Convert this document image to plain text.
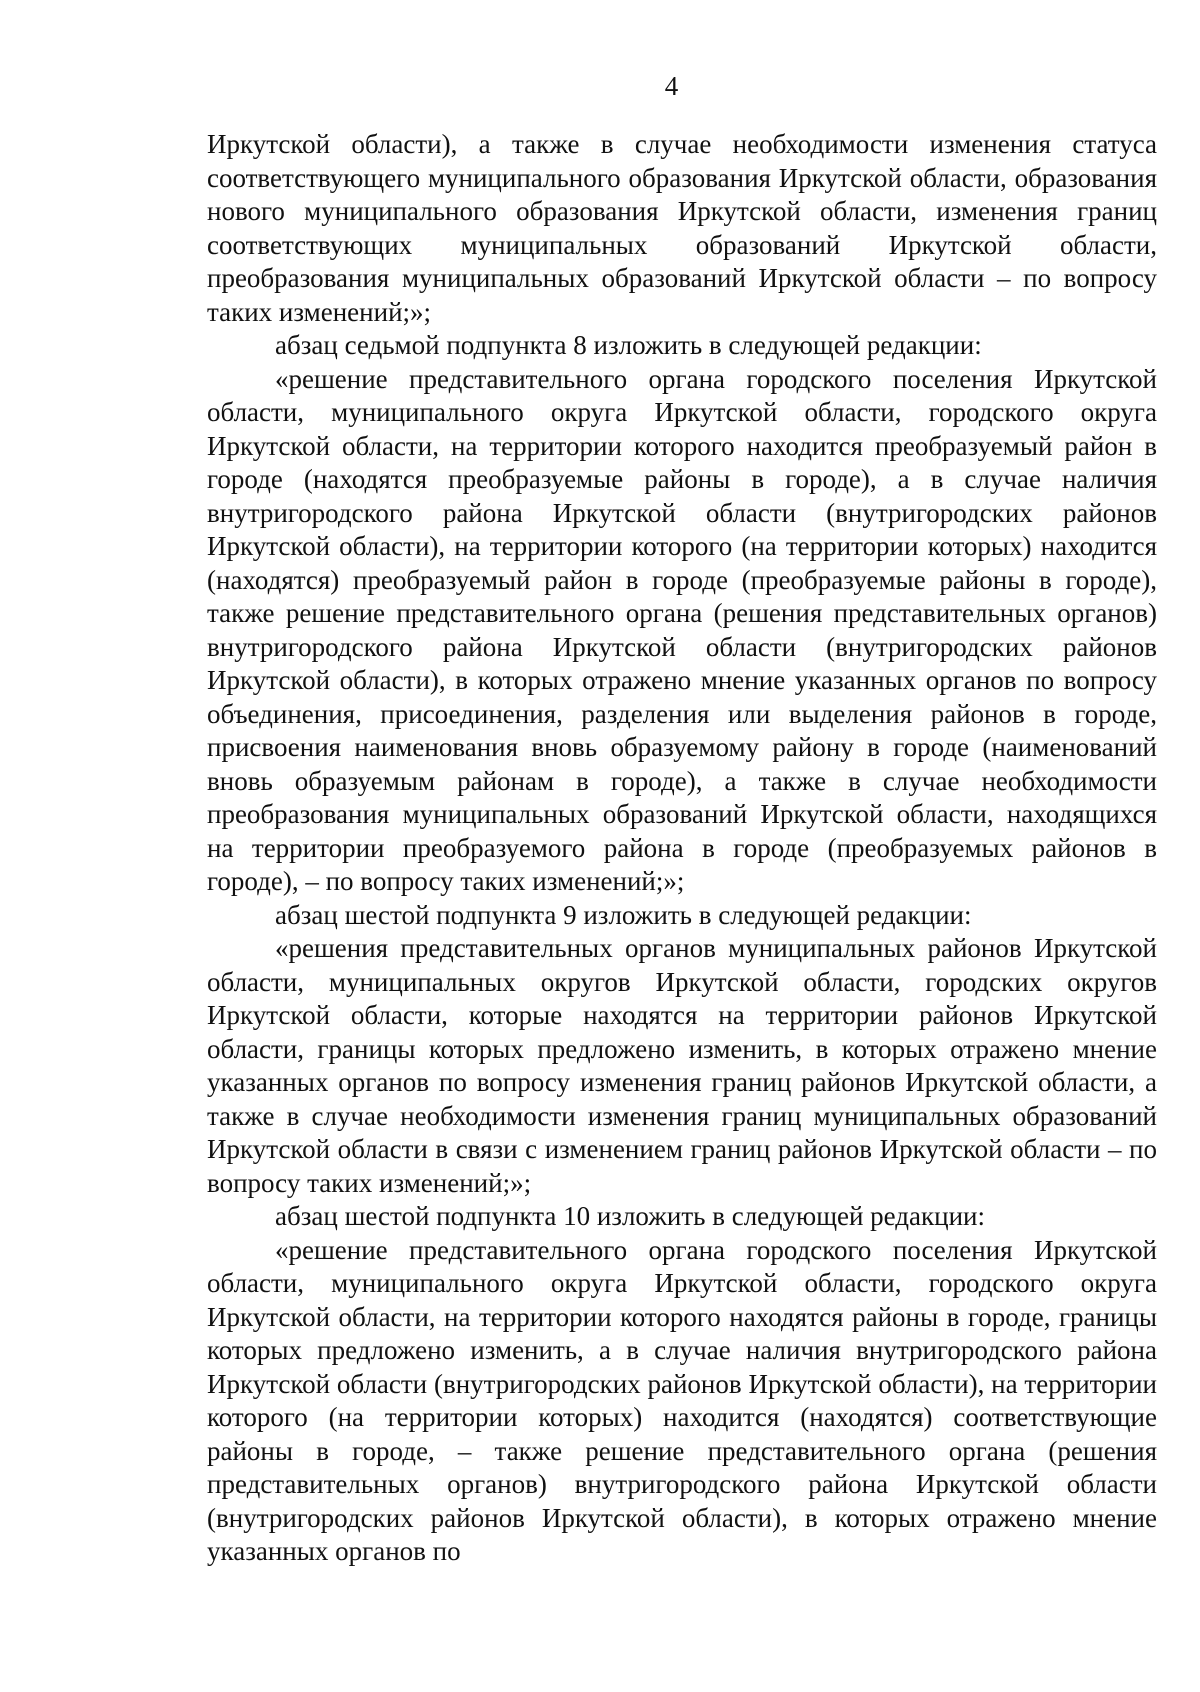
4

Иркутской области), а также в случае необходимости изменения статуса соответствующего муниципального образования Иркутской области, образования нового муниципального образования Иркутской области, изменения границ соответствующих муниципальных образований Иркутской области, преобразования муниципальных образований Иркутской области – по вопросу таких изменений;»;

абзац седьмой подпункта 8 изложить в следующей редакции:

«решение представительного органа городского поселения Иркутской области, муниципального округа Иркутской области, городского округа Иркутской области, на территории которого находится преобразуемый район в городе (находятся преобразуемые районы в городе), а в случае наличия внутригородского района Иркутской области (внутригородских районов Иркутской области), на территории которого (на территории которых) находится (находятся) преобразуемый район в городе (преобразуемые районы в городе), также решение представительного органа (решения представительных органов) внутригородского района Иркутской области (внутригородских районов Иркутской области), в которых отражено мнение указанных органов по вопросу объединения, присоединения, разделения или выделения районов в городе, присвоения наименования вновь образуемому району в городе (наименований вновь образуемым районам в городе), а также в случае необходимости преобразования муниципальных образований Иркутской области, находящихся на территории преобразуемого района в городе (преобразуемых районов в городе), – по вопросу таких изменений;»;

абзац шестой подпункта 9 изложить в следующей редакции:

«решения представительных органов муниципальных районов Иркутской области, муниципальных округов Иркутской области, городских округов Иркутской области, которые находятся на территории районов Иркутской области, границы которых предложено изменить, в которых отражено мнение указанных органов по вопросу изменения границ районов Иркутской области, а также в случае необходимости изменения границ муниципальных образований Иркутской области в связи с изменением границ районов Иркутской области – по вопросу таких изменений;»;

абзац шестой подпункта 10 изложить в следующей редакции:

«решение представительного органа городского поселения Иркутской области, муниципального округа Иркутской области, городского округа Иркутской области, на территории которого находятся районы в городе, границы которых предложено изменить, а в случае наличия внутригородского района Иркутской области (внутригородских районов Иркутской области), на территории которого (на территории которых) находится (находятся) соответствующие районы в городе, – также решение представительного органа (решения представительных органов) внутригородского района Иркутской области (внутригородских районов Иркутской области), в которых отражено мнение указанных органов по
